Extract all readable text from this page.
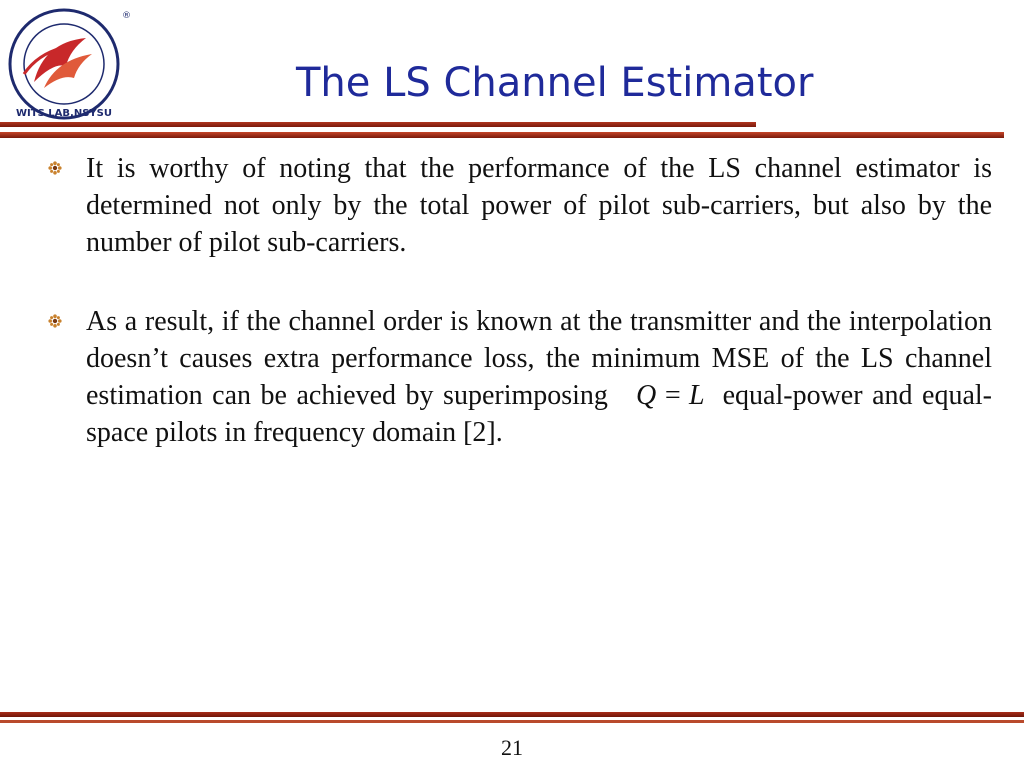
WITS LAB.NSYSU
®
The LS Channel Estimator
It is worthy of noting that the performance of the LS channel estimator is determined not only by the total power of pilot sub-carriers, but also by the number of pilot sub-carriers.
As a result, if the channel order is known at the transmitter and the interpolation doesn’t causes extra performance loss, the minimum MSE of the LS channel estimation can be achieved by superimposing Q = L equal-power and equal-space pilots in frequency domain [2].
21
